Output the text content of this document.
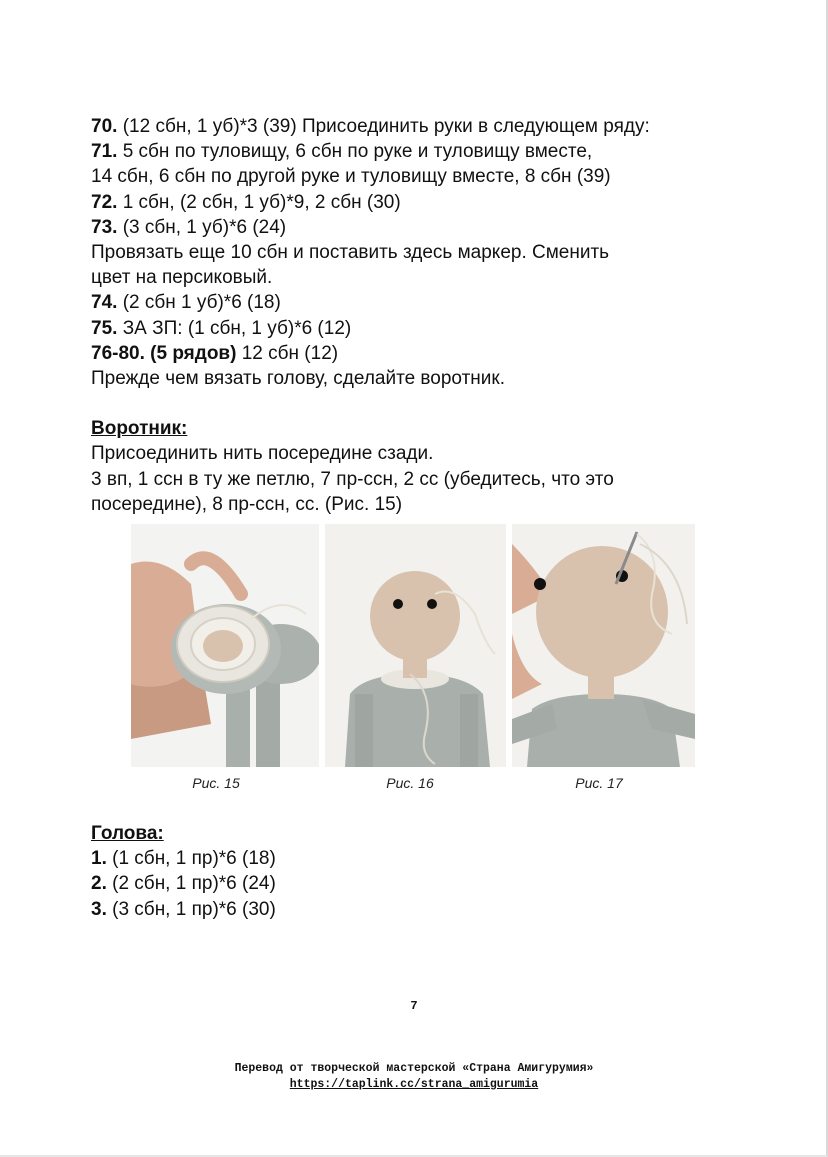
70. (12 сбн, 1 уб)*3 (39) Присоединить руки в следующем ряду:
71. 5 сбн по туловищу, 6 сбн по руке и туловищу вместе,
14 сбн, 6 сбн по другой руке и туловищу вместе, 8 сбн (39)
72. 1 сбн, (2 сбн, 1 уб)*9, 2 сбн (30)
73. (3 сбн, 1 уб)*6 (24)
Провязать еще 10 сбн и поставить здесь маркер. Сменить
цвет на персиковый.
74. (2 сбн 1 уб)*6 (18)
75. ЗА ЗП: (1 сбн, 1 уб)*6 (12)
76-80. (5 рядов) 12 сбн (12)
Прежде чем вязать голову, сделайте воротник.
Воротник:
Присоединить нить посередине сзади.
3 вп, 1 ссн в ту же петлю, 7 пр-ссн, 2 сс (убедитесь, что это
посередине), 8 пр-ссн, сс. (Рис. 15)
Рис. 15	Рис. 16	Рис. 17
Голова:
1. (1 сбн, 1 пр)*6 (18)
2. (2 сбн, 1 пр)*6 (24)
3. (3 сбн, 1 пр)*6 (30)
7
Перевод от творческой мастерской «Страна Амигурумия»
https://taplink.cc/strana_amigurumia
